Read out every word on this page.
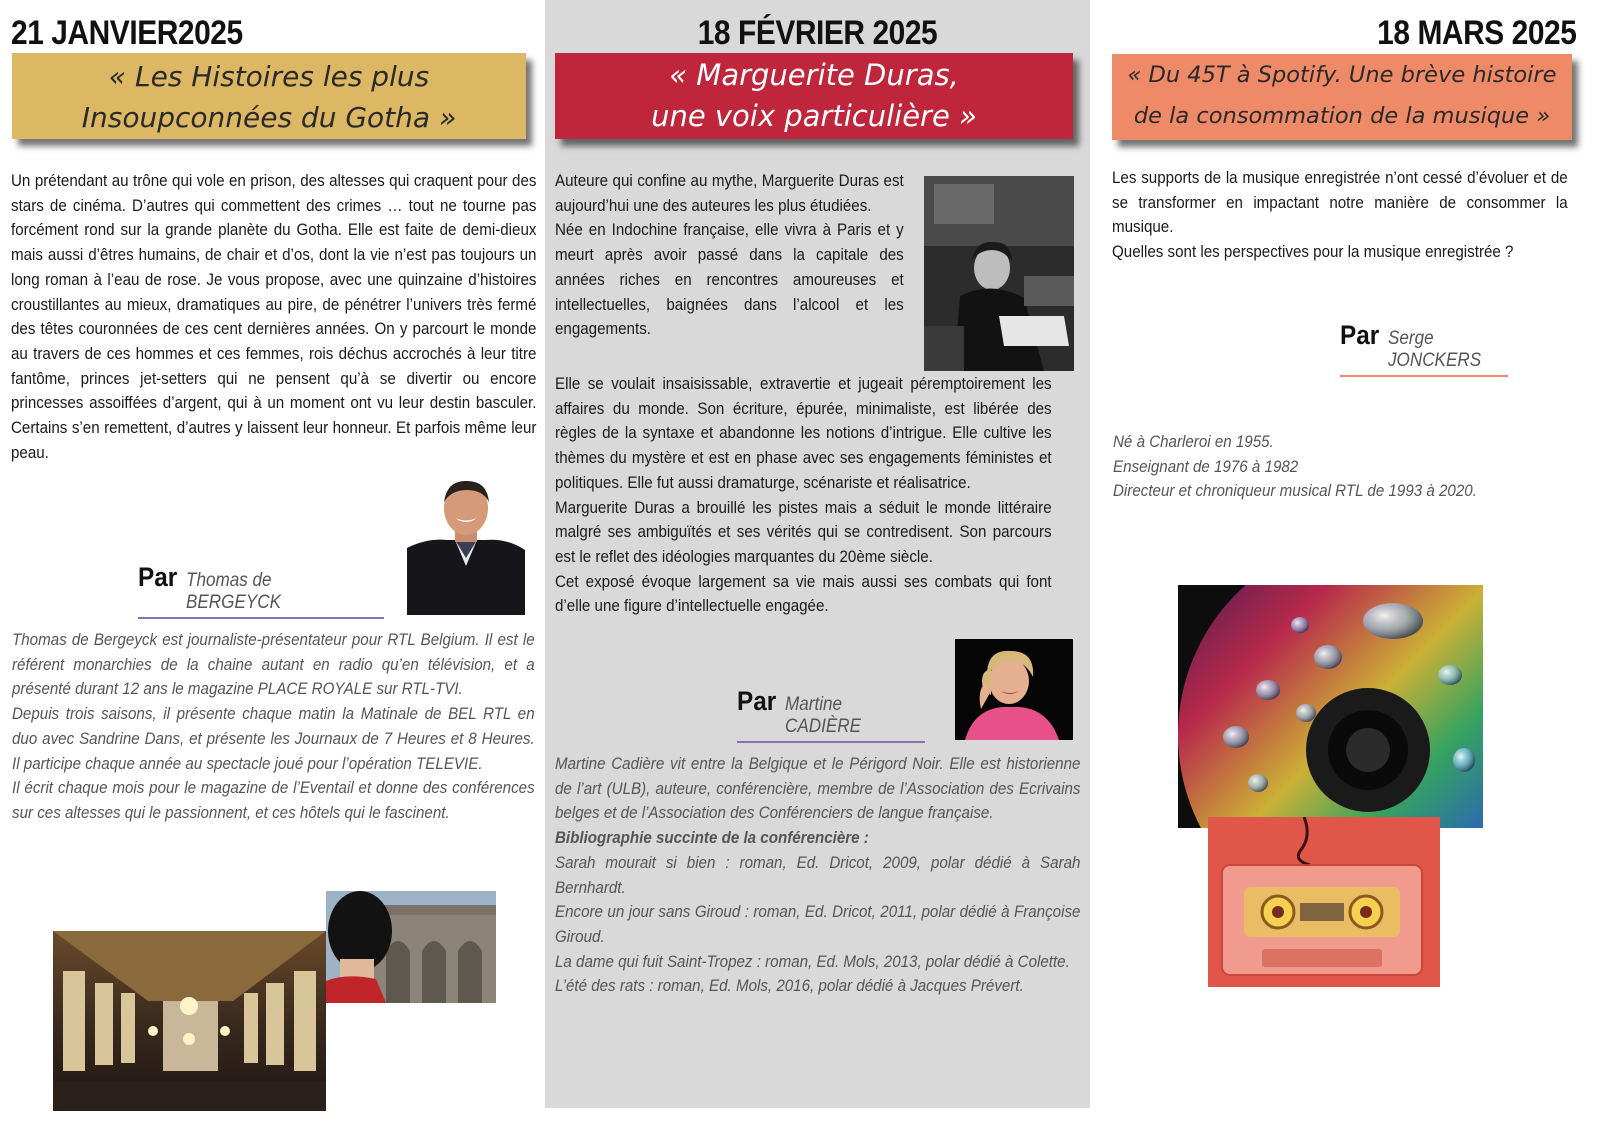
21 JANVIER2025
« Les Histoires les plus
Insoupconnées du Gotha »

Un prétendant au trône qui vole en prison, des altesses qui craquent pour des stars de cinéma. D’autres qui commettent des crimes … tout ne tourne pas forcément rond sur la grande planète du Gotha. Elle est faite de demi-dieux mais aussi d’êtres humains, de chair et d’os, dont la vie n’est pas toujours un long roman à l’eau de rose. Je vous propose, avec une quinzaine d’histoires croustillantes au mieux, dramatiques au pire, de pénétrer l’univers très fermé des têtes couronnées de ces cent dernières années. On y parcourt le monde au travers de ces hommes et ces femmes, rois déchus accrochés à leur titre fantôme, princes jet-setters qui ne pensent qu’à se divertir ou encore princesses assoiffées d’argent, qui à un moment ont vu leur destin basculer. Certains s’en remettent, d’autres y laissent leur honneur. Et parfois même leur peau.

Par Thomas de BERGEYCK

Thomas de Bergeyck est journaliste-présentateur pour RTL Belgium. Il est le référent monarchies de la chaine autant en radio qu’en télévision, et a présenté durant 12 ans le magazine PLACE ROYALE sur RTL-TVI.

Depuis trois saisons, il présente chaque matin la Matinale de BEL RTL en duo avec Sandrine Dans, et présente les Journaux de 7 Heures et 8 Heures. Il participe chaque année au spectacle joué pour l’opération TELEVIE.

Il écrit chaque mois pour le magazine de l’Eventail et donne des conférences sur ces altesses qui le passionnent, et ces hôtels qui le fascinent.

18 FÉVRIER 2025
« Marguerite Duras,
une voix particulière »

Auteure qui confine au mythe, Marguerite Duras est aujourd’hui une des auteures les plus étudiées.

Née en Indochine française, elle vivra à Paris et y meurt après avoir passé dans la capitale des années riches en rencontres amoureuses et intellectuelles, baignées dans l’alcool et les engagements.

Elle se voulait insaisissable, extravertie et jugeait péremptoirement les affaires du monde. Son écriture, épurée, minimaliste, est libérée des règles de la syntaxe et abandonne les notions d’intrigue. Elle cultive les thèmes du mystère et est en phase avec ses engagements féministes et politiques. Elle fut aussi dramaturge, scénariste et réalisatrice.

Marguerite Duras a brouillé les pistes mais a séduit le monde littéraire malgré ses ambiguïtés et ses vérités qui se contredisent. Son parcours est le reflet des idéologies marquantes du 20ème siècle.

Cet exposé évoque largement sa vie mais aussi ses combats qui font d’elle une figure d’intellectuelle engagée.

Par Martine CADIÈRE

Martine Cadière vit entre la Belgique et le Périgord Noir. Elle est historienne de l’art (ULB), auteure, conférencière, membre de l’Association des Ecrivains belges et de l’Association des Conférenciers de langue française.

Bibliographie succinte de la conférencière :

Sarah mourait si bien : roman, Ed. Dricot, 2009, polar dédié à Sarah Bernhardt.

Encore un jour sans Giroud : roman, Ed. Dricot, 2011, polar dédié à Françoise Giroud.

La dame qui fuit Saint-Tropez : roman, Ed. Mols, 2013, polar dédié à Colette.

L’été des rats : roman, Ed. Mols, 2016, polar dédié à Jacques Prévert.

18 MARS 2025
« Du 45T à Spotify. Une brève histoire
de la consommation de la musique »

Les supports de la musique enregistrée n’ont cessé d’évoluer et de se transformer en impactant notre manière de consommer la musique.

Quelles sont les perspectives pour la musique enregistrée ?

Par Serge JONCKERS

Né à Charleroi en 1955.

Enseignant de 1976 à 1982

Directeur et chroniqueur musical RTL de 1993 à 2020.
